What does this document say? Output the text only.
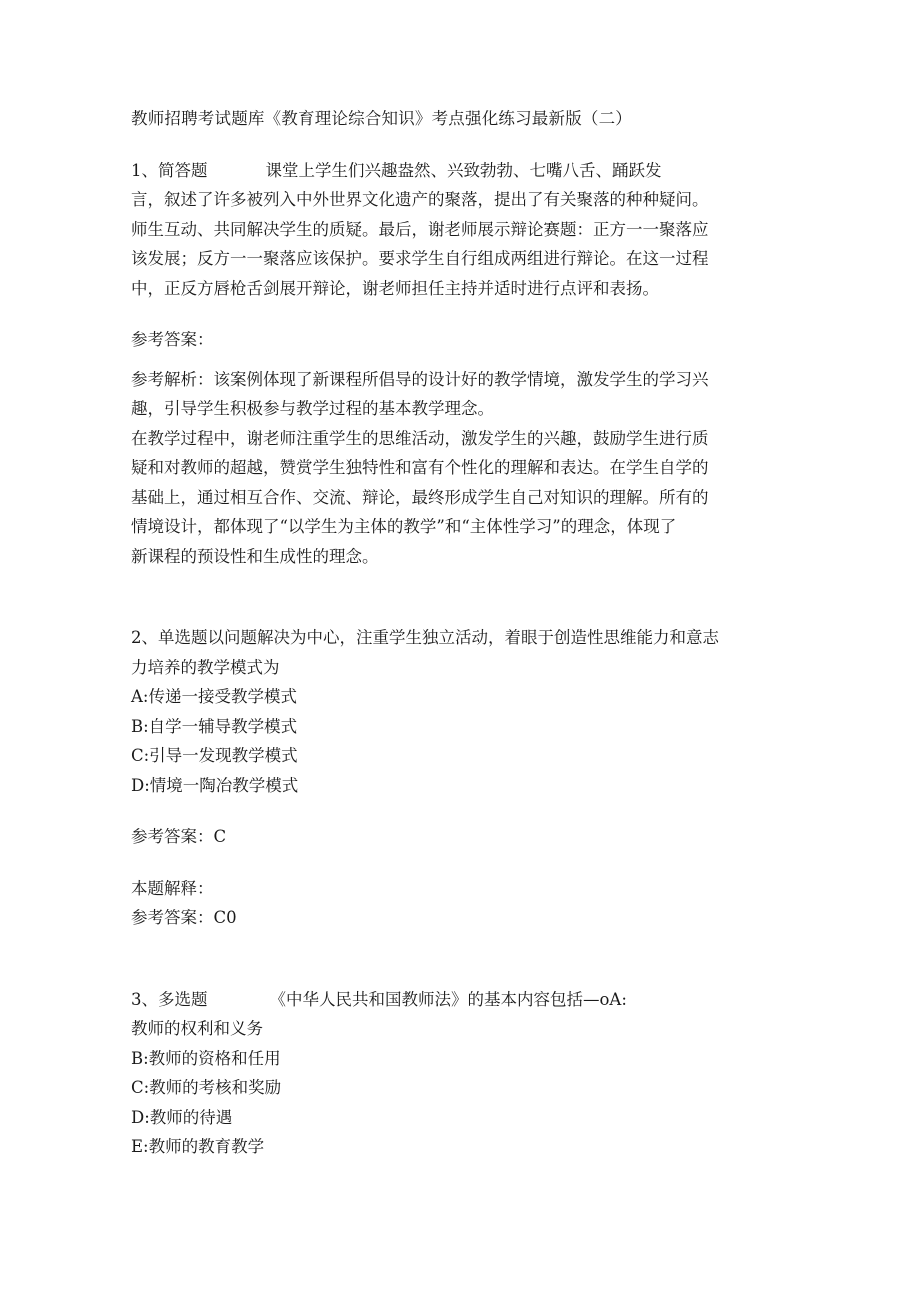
教师招聘考试题库《教育理论综合知识》考点强化练习最新版（二）
1、简答题	课堂上学生们兴趣盎然、兴致勃勃、七嘴八舌、踊跃发
言，叙述了许多被列入中外世界文化遗产的聚落，提出了有关聚落的种种疑问。
师生互动、共同解决学生的质疑。最后，谢老师展示辩论赛题：正方一一聚落应
该发展；反方一一聚落应该保护。要求学生自行组成两组进行辩论。在这一过程
中，正反方唇枪舌剑展开辩论，谢老师担任主持并适时进行点评和表扬。
参考答案：
参考解析：该案例体现了新课程所倡导的设计好的教学情境，激发学生的学习兴
趣，引导学生积极参与教学过程的基本教学理念。
在教学过程中，谢老师注重学生的思维活动，激发学生的兴趣，鼓励学生进行质
疑和对教师的超越，赞赏学生独特性和富有个性化的理解和表达。在学生自学的
基础上，通过相互合作、交流、辩论，最终形成学生自己对知识的理解。所有的
情境设计，都体现了“以学生为主体的教学”和“主体性学习”的理念，体现了
新课程的预设性和生成性的理念。
2、单选题以问题解决为中心，注重学生独立活动，着眼于创造性思维能力和意志
力培养的教学模式为
A:传递一接受教学模式
B:自学一辅导教学模式
C:引导一发现教学模式
D:情境一陶冶教学模式
参考答案：C
本题解释：
参考答案：C0
3、多选题	《中华人民共和国教师法》的基本内容包括—oA:
教师的权利和义务
B:教师的资格和任用
C:教师的考核和奖励
D:教师的待遇
E:教师的教育教学
